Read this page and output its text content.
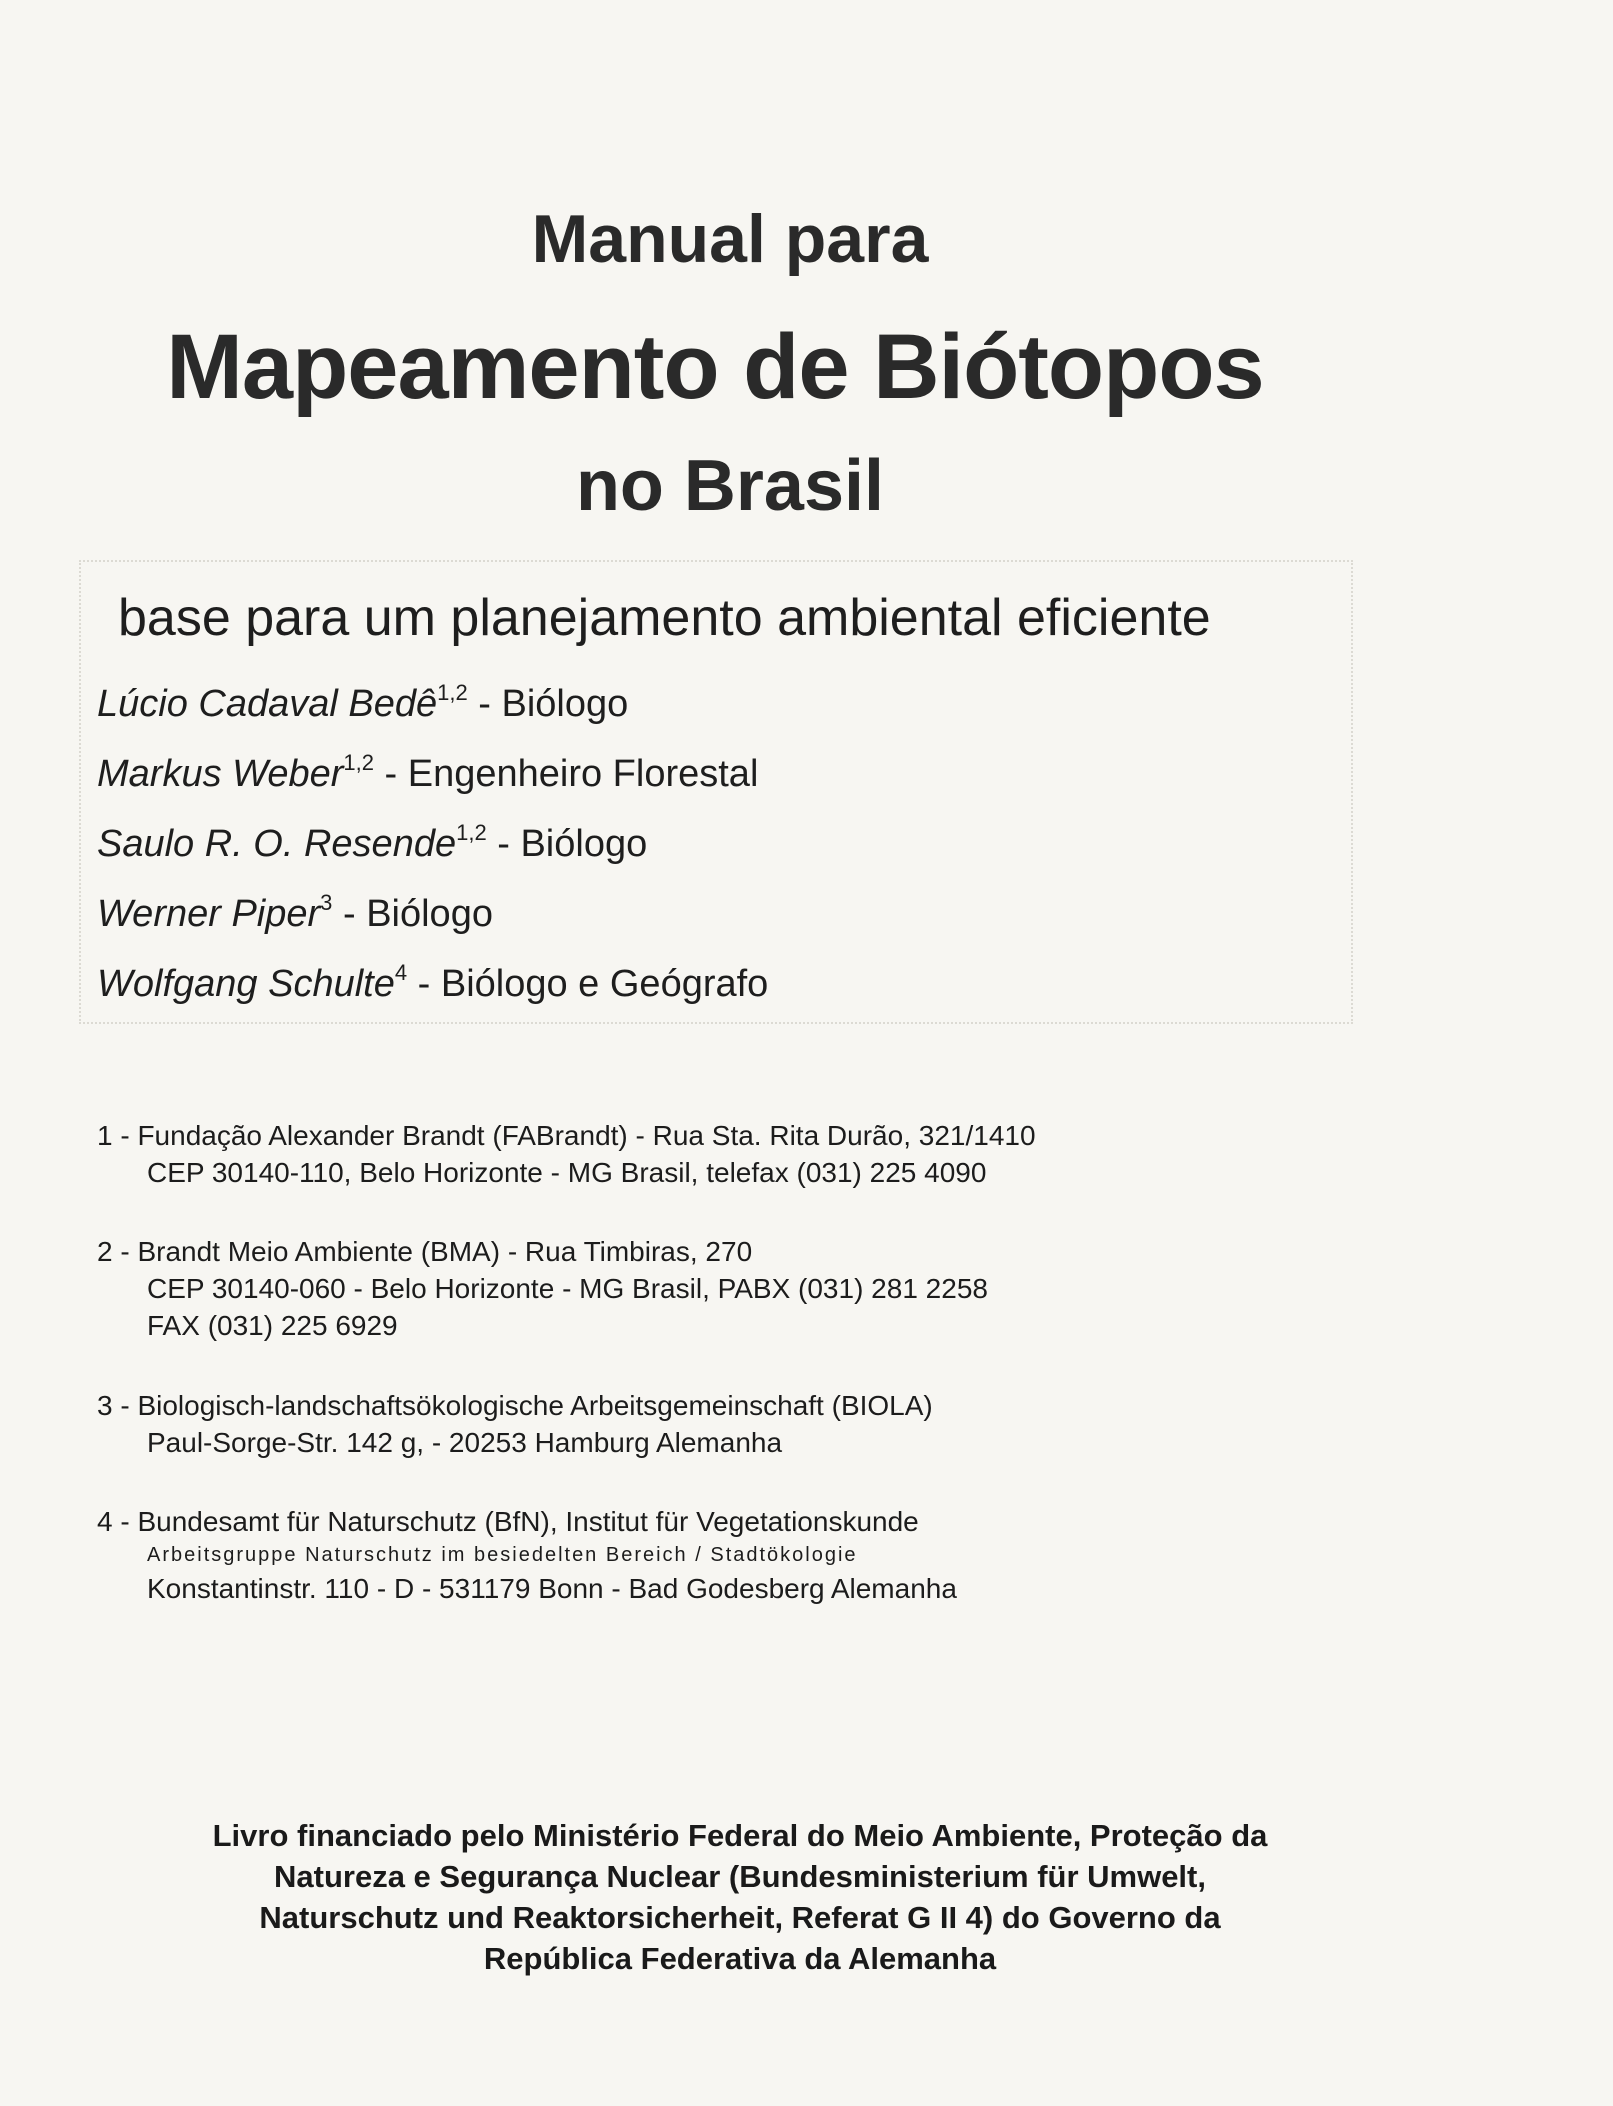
Manual para
Mapeamento de Biótopos
no Brasil
base para um planejamento ambiental eficiente
Lúcio Cadaval Bedê$^{1,2}$ - Biólogo
Markus Weber$^{1,2}$ - Engenheiro Florestal
Saulo R. O. Resende$^{1,2}$ - Biólogo
Werner Piper$^3$ - Biólogo
Wolfgang Schulte$^4$ - Biólogo e Geógrafo
1 - Fundação Alexander Brandt (FABrandt) - Rua Sta. Rita Durão, 321/1410
CEP 30140-110, Belo Horizonte - MG Brasil, telefax (031) 225 4090
2 - Brandt Meio Ambiente (BMA) - Rua Timbiras, 270
CEP 30140-060 - Belo Horizonte - MG Brasil, PABX (031) 281 2258
FAX (031) 225 6929
3 - Biologisch-landschaftsökologische Arbeitsgemeinschaft (BIOLA)
Paul-Sorge-Str. 142 g, - 20253 Hamburg Alemanha
4 - Bundesamt für Naturschutz (BfN), Institut für Vegetationskunde
Arbeitsgruppe Naturschutz im besiedelten Bereich / Stadtökologie
Konstantinstr. 110 - D - 531179 Bonn - Bad Godesberg Alemanha
Livro financiado pelo Ministério Federal do Meio Ambiente, Proteção da
Natureza e Segurança Nuclear (Bundesministerium für Umwelt,
Naturschutz und Reaktorsicherheit, Referat G II 4) do Governo da
República Federativa da Alemanha
